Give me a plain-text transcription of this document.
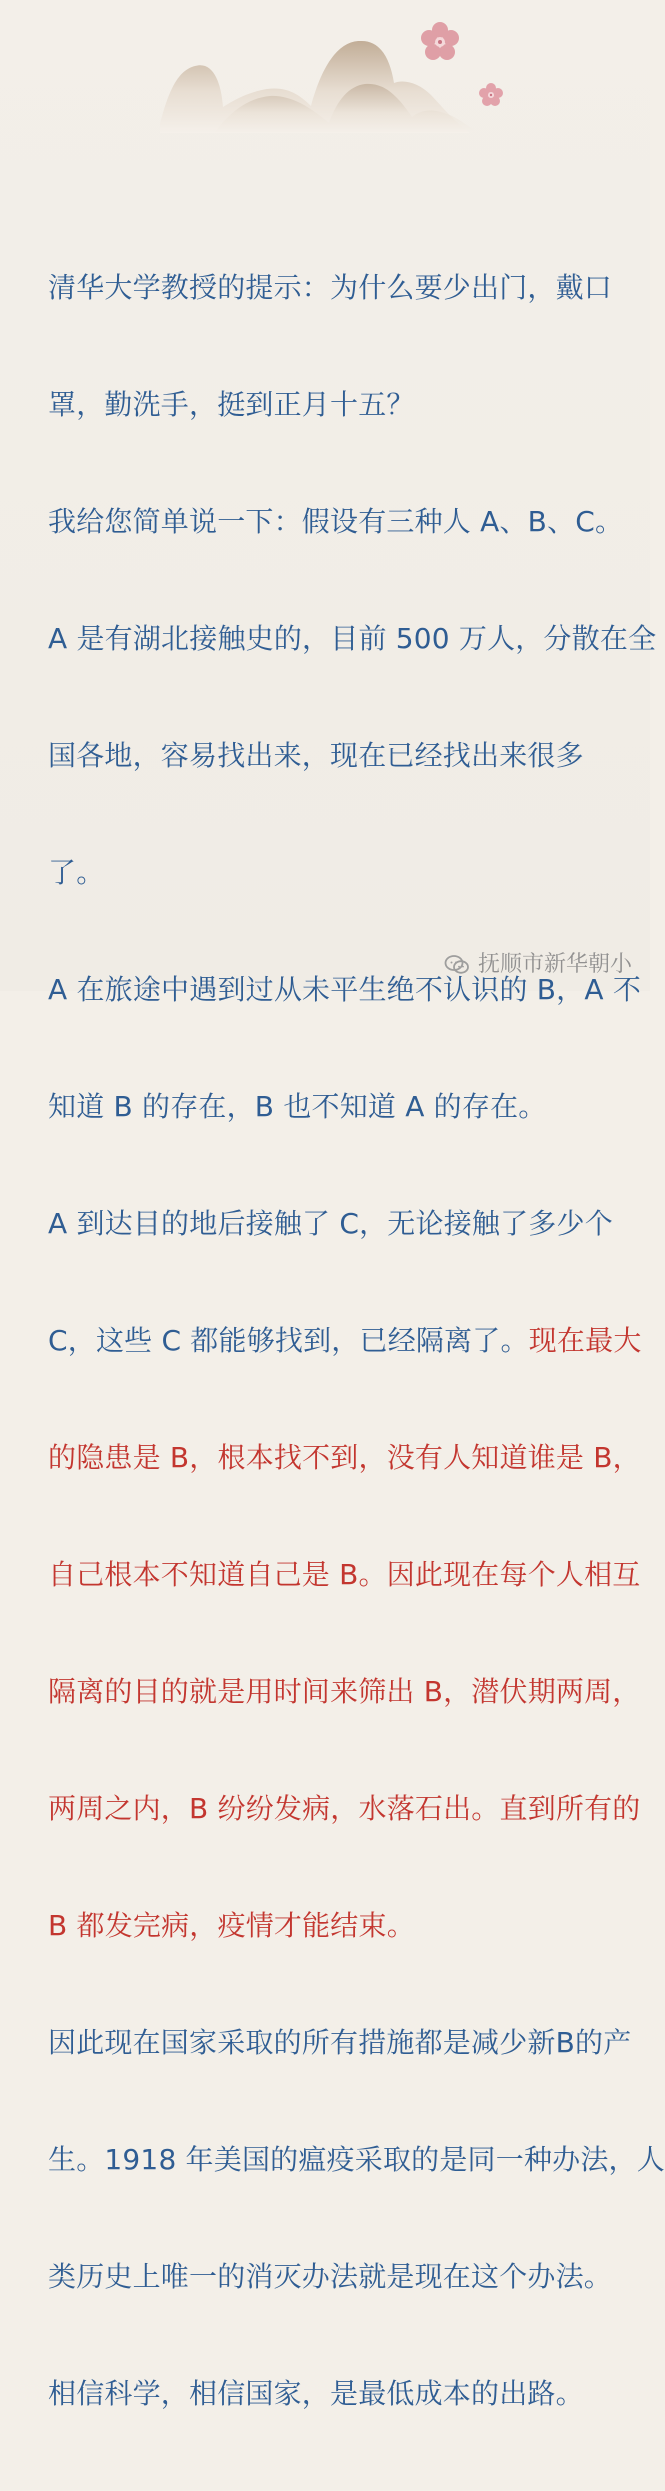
清华大学教授的提示：为什么要少出门，戴口

罩，勤洗手，挺到正月十五？

我给您简单说一下：假设有三种人 A、B、C。

A 是有湖北接触史的，目前 500 万人，分散在全

国各地，容易找出来，现在已经找出来很多

了。

A 在旅途中遇到过从未平生绝不认识的 B，A 不

知道 B 的存在，B 也不知道 A 的存在。

A 到达目的地后接触了 C，无论接触了多少个

C，这些 C 都能够找到，已经隔离了。现在最大

的隐患是 B，根本找不到，没有人知道谁是 B，

自己根本不知道自己是 B。因此现在每个人相互

隔离的目的就是用时间来筛出 B，潜伏期两周，

两周之内，B 纷纷发病，水落石出。直到所有的

B 都发完病，疫情才能结束。

因此现在国家采取的所有措施都是减少新B的产

生。1918 年美国的瘟疫采取的是同一种办法，人

类历史上唯一的消灭办法就是现在这个办法。

相信科学，相信国家，是最低成本的出路。

抚顺市新华朝小
